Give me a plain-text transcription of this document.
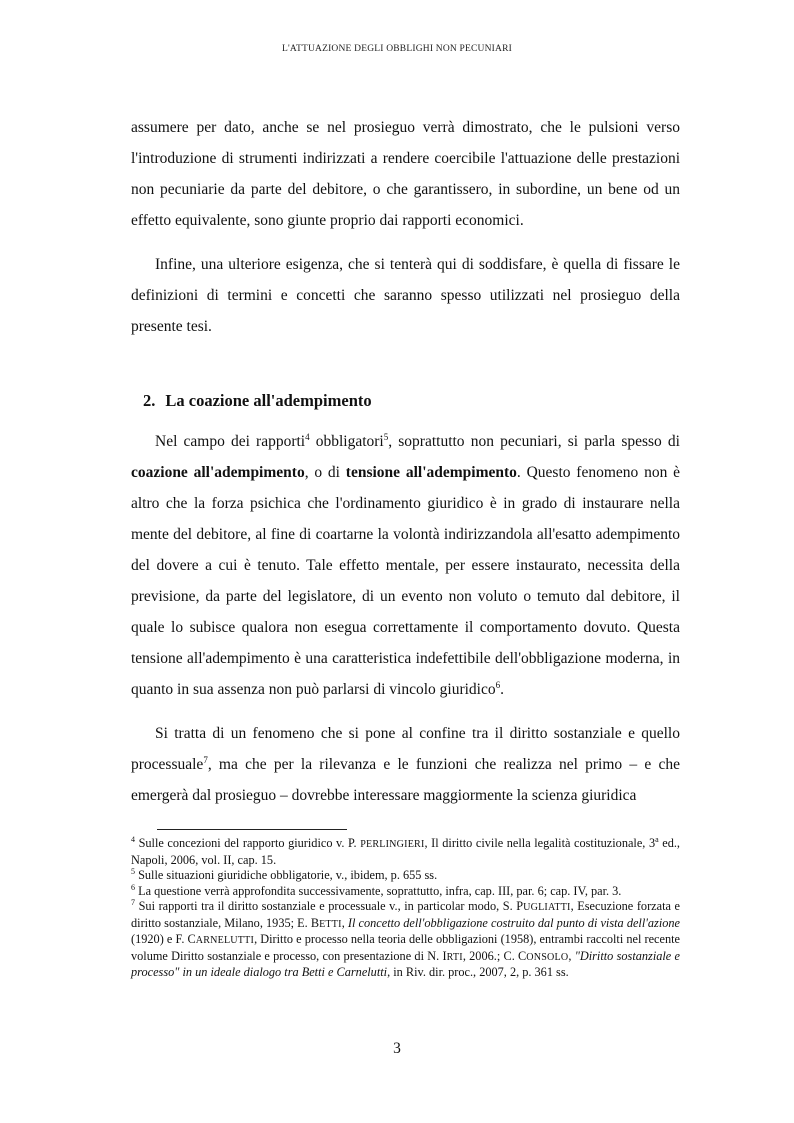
L'ATTUAZIONE DEGLI OBBLIGHI NON PECUNIARI

assumere per dato, anche se nel prosieguo verrà dimostrato, che le pulsioni verso l'introduzione di strumenti indirizzati a rendere coercibile l'attuazione delle prestazioni non pecuniarie da parte del debitore, o che garantissero, in subordine, un bene od un effetto equivalente, sono giunte proprio dai rapporti economici.

Infine, una ulteriore esigenza, che si tenterà qui di soddisfare, è quella di fissare le definizioni di termini e concetti che saranno spesso utilizzati nel prosieguo della presente tesi.

2. La coazione all'adempimento

Nel campo dei rapporti$^4$ obbligatori$^5$, soprattutto non pecuniari, si parla spesso di coazione all'adempimento, o di tensione all'adempimento. Questo fenomeno non è altro che la forza psichica che l'ordinamento giuridico è in grado di instaurare nella mente del debitore, al fine di coartarne la volontà indirizzandola all'esatto adempimento del dovere a cui è tenuto. Tale effetto mentale, per essere instaurato, necessita della previsione, da parte del legislatore, di un evento non voluto o temuto dal debitore, il quale lo subisce qualora non esegua correttamente il comportamento dovuto. Questa tensione all'adempimento è una caratteristica indefettibile dell'obbligazione moderna, in quanto in sua assenza non può parlarsi di vincolo giuridico$^6$.

Si tratta di un fenomeno che si pone al confine tra il diritto sostanziale e quello processuale$^7$, ma che per la rilevanza e le funzioni che realizza nel primo – e che emergerà dal prosieguo – dovrebbe interessare maggiormente la scienza giuridica

$^4$ Sulle concezioni del rapporto giuridico v. P. PERLINGIERI, Il diritto civile nella legalità costituzionale, 3$^a$ ed., Napoli, 2006, vol. II, cap. 15.

$^5$ Sulle situazioni giuridiche obbligatorie, v., ibidem, p. 655 ss.

$^6$ La questione verrà approfondita successivamente, soprattutto, infra, cap. III, par. 6; cap. IV, par. 3.

$^7$ Sui rapporti tra il diritto sostanziale e processuale v., in particolar modo, S. PUGLIATTI, Esecuzione forzata e diritto sostanziale, Milano, 1935; E. BETTI, Il concetto dell'obbligazione costruito dal punto di vista dell'azione (1920) e F. CARNELUTTI, Diritto e processo nella teoria delle obbligazioni (1958), entrambi raccolti nel recente volume Diritto sostanziale e processo, con presentazione di N. IRTI, 2006.; C. CONSOLO, "Diritto sostanziale e processo" in un ideale dialogo tra Betti e Carnelutti, in Riv. dir. proc., 2007, 2, p. 361 ss.

3
